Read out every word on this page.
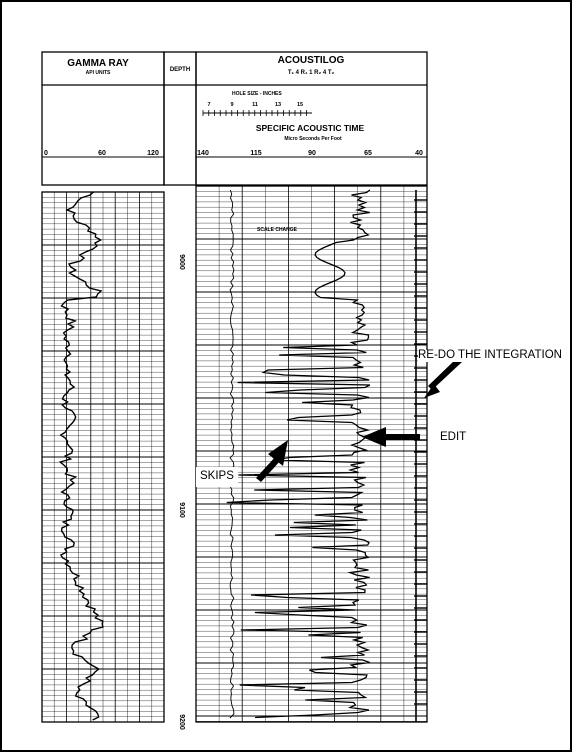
GAMMA RAY
API UNITS	DEPTH
ACOUSTILOG
T₁ 4 R₁ 1 R₂ 4 T₂
HOLE SIZE - INCHES
SPECIFIC ACOUSTIC TIME
Micro Seconds Per Foot
7	9	11	13	15
0	60	120	140	115	90	65	40
9000
9100
9200
SCALE CHANGE
RE-DO THE INTEGRATION
EDIT
SKIPS
